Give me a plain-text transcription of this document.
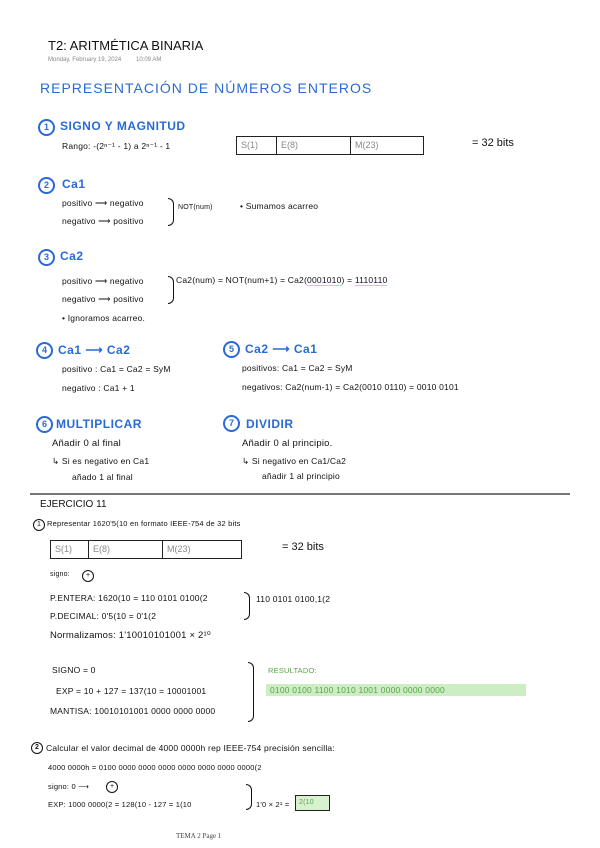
T2: ARITMÉTICA BINARIA
Monday, February 19, 2024 10:09 AM
REPRESENTACIÓN DE NÚMEROS ENTEROS
1 SIGNO Y MAGNITUD
Rango: -(2ⁿ⁻¹ - 1) a 2ⁿ⁻¹ - 1	S(1)	E(8)	M(23)	= 32 bits
2	Ca1
positivo ⟶ negativo
negativo ⟶ positivo
NOT(num)	• Sumamos acarreo
3 Ca2
positivo ⟶ negativo
negativo ⟶ positivo
Ca2(num) = NOT(num+1) = Ca2(0001010) = 1110110
• Ignoramos acarreo.
4 Ca1 ⟶ Ca2
positivo : Ca1 = Ca2 = SyM
negativo : Ca1 + 1
5 Ca2 ⟶ Ca1
positivos: Ca1 = Ca2 = SyM
negativos: Ca2(num-1) = Ca2(0010 0110) = 0010 0101
6 MULTIPLICAR
Añadir 0 al final
↳ Si es negativo en Ca1
añado 1 al final
7	DIVIDIR
Añadir 0 al principio.
↳ Si negativo en Ca1/Ca2
añadir 1 al principio
EJERCICIO 11
1 Representar 1620'5(10 en formato IEEE-754 de 32 bits
S(1)	E(8)	M(23)	= 32 bits
signo:	+
P.ENTERA: 1620(10 = 110 0101 0100(2
P.DECIMAL: 0'5(10 = 0'1(2
110 0101 0100,1(2
Normalizamos: 1'10010101001 × 2¹⁰
SIGNO = 0
EXP = 10 + 127 = 137(10 = 10001001
MANTISA: 10010101001 0000 0000 0000
RESULTADO:
0100 0100 1100 1010 1001 0000 0000 0000
2 Calcular el valor decimal de 4000 0000h rep IEEE-754 precisión sencilla:
4000 0000h = 0100 0000 0000 0000 0000 0000 0000 0000(2
signo: 0 ⟶	+
EXP: 1000 0000(2 = 128(10 - 127 = 1(10	1'0 × 2¹ =	2(10
TEMA 2 Page 1
